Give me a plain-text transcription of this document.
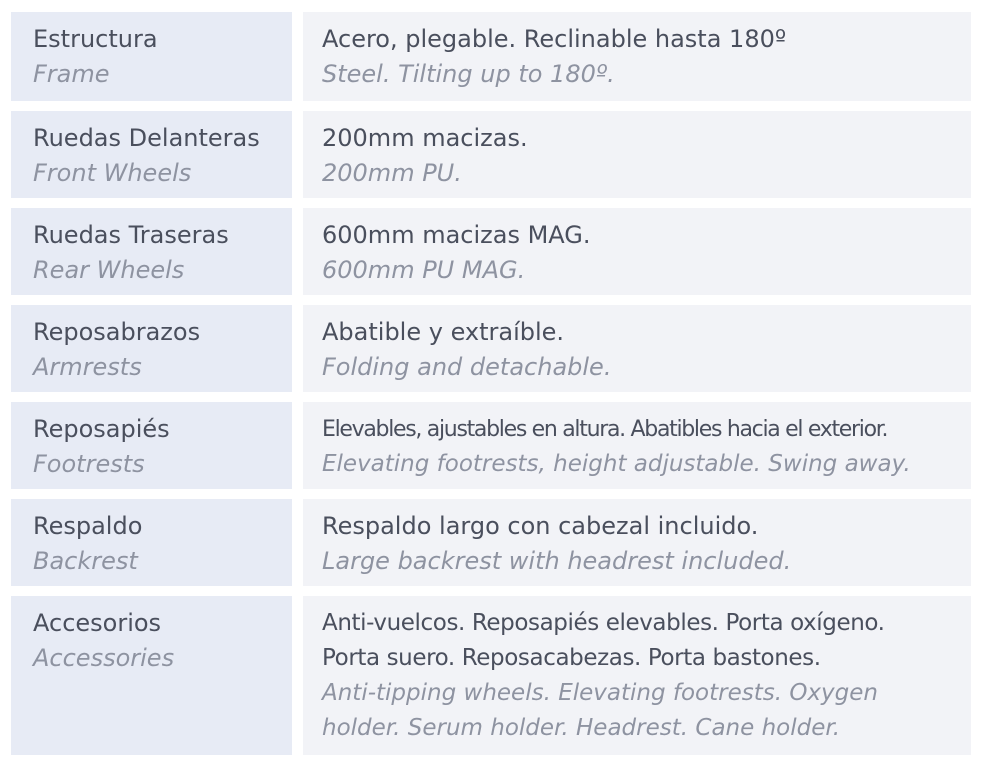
Estructura
Frame
Acero, plegable. Reclinable hasta 180º
Steel. Tilting up to 180º.
Ruedas Delanteras
Front Wheels
200mm macizas.
200mm PU.
Ruedas Traseras
Rear Wheels
600mm macizas MAG.
600mm PU MAG.
Reposabrazos
Armrests
Abatible y extraíble.
Folding and detachable.
Reposapiés
Footrests
Elevables, ajustables en altura. Abatibles hacia el exterior.
Elevating footrests, height adjustable. Swing away.
Respaldo
Backrest
Respaldo largo con cabezal incluido.
Large backrest with headrest included.
Accesorios
Accessories
Anti-vuelcos. Reposapiés elevables. Porta oxígeno.
Porta suero. Reposacabezas. Porta bastones.
Anti-tipping wheels. Elevating footrests. Oxygen
holder. Serum holder. Headrest. Cane holder.
